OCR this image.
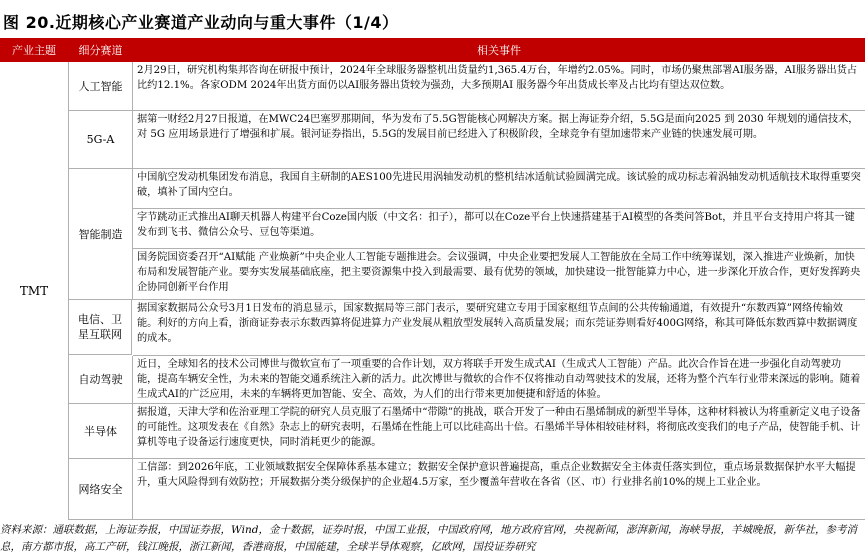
图 20.近期核心产业赛道产业动向与重大事件（1/4）
产业主题	细分赛道	相关事件
TMT
人工智能
2月29日，研究机构集邦咨询在研报中预计，2024年全球服务器整机出货量约1,365.4万台，年增约2.05%。同时，市场仍聚焦部署AI服务器，AI服务器出货占比约12.1%。各家ODM 2024年出货方面仍以AI服务器出货较为强劲，大多预期AI 服务器今年出货成长率及占比均有望达双位数。
5G-A
据第一财经2月27日报道，在MWC24巴塞罗那期间，华为发布了5.5G智能核心网解决方案。据上海证券介绍，5.5G是面向2025 到 2030 年规划的通信技术，对 5G 应用场景进行了增强和扩展。银河证券指出，5.5G的发展目前已经进入了积极阶段，全球竞争有望加速带来产业链的快速发展可期。
智能制造
中国航空发动机集团发布消息，我国自主研制的AES100先进民用涡轴发动机的整机结冰适航试验圆满完成。该试验的成功标志着涡轴发动机适航技术取得重要突破，填补了国内空白。
字节跳动正式推出AI聊天机器人构建平台Coze国内版（中文名：扣子），都可以在Coze平台上快速搭建基于AI模型的各类问答Bot，并且平台支持用户将其一键发布到飞书、微信公众号、豆包等渠道。
国务院国资委召开“AI赋能 产业焕新”中央企业人工智能专题推进会。会议强调，中央企业要把发展人工智能放在全局工作中统筹谋划，深入推进产业焕新，加快布局和发展智能产业。要夯实发展基础底座，把主要资源集中投入到最需要、最有优势的领域，加快建设一批智能算力中心，进一步深化开放合作，更好发挥跨央企协同创新平台作用
电信、卫星互联网
据国家数据局公众号3月1日发布的消息显示，国家数据局等三部门表示，要研究建立专用于国家枢纽节点间的公共传输通道，有效提升“东数西算”网络传输效能。利好的方向上看，浙商证券表示东数西算将促进算力产业发展从粗放型发展转入高质量发展；而东莞证券则看好400G网络，称其可降低东数西算中数据调度的成本。
自动驾驶
近日，全球知名的技术公司博世与微软宣布了一项重要的合作计划，双方将联手开发生成式AI（生成式人工智能）产品。此次合作旨在进一步强化自动驾驶功能，提高车辆安全性，为未来的智能交通系统注入新的活力。此次博世与微软的合作不仅将推动自动驾驶技术的发展，还将为整个汽车行业带来深远的影响。随着生成式AI的广泛应用，未来的车辆将更加智能、安全、高效，为人们的出行带来更加便捷和舒适的体验。
半导体
据报道，天津大学和佐治亚理工学院的研究人员克服了石墨烯中“带隙”的挑战，联合开发了一种由石墨烯制成的新型半导体，这种材料被认为将重新定义电子设备的可能性。这项发表在《自然》杂志上的研究表明，石墨烯在性能上可以比硅高出十倍。石墨烯半导体相较硅材料，将彻底改变我们的电子产品，使智能手机、计算机等电子设备运行速度更快，同时消耗更少的能源。
网络安全
工信部：到2026年底，工业领域数据安全保障体系基本建立；数据安全保护意识普遍提高，重点企业数据安全主体责任落实到位，重点场景数据保护水平大幅提升，重大风险得到有效防控；开展数据分类分级保护的企业超4.5万家，至少覆盖年营收在各省（区、市）行业排名前10%的规上工业企业。
资料来源：通联数据，上海证券报，中国证券报，Wind，金十数据，证券时报，中国工业报，中国政府网，地方政府官网，央视新闻，澎湃新闻，海峡导报，羊城晚报，新华社，参考消息，南方都市报，高工产研，钱江晚报，浙江新闻，香港商报，中国能建，全球半导体观察，亿欧网，国投证券研究
